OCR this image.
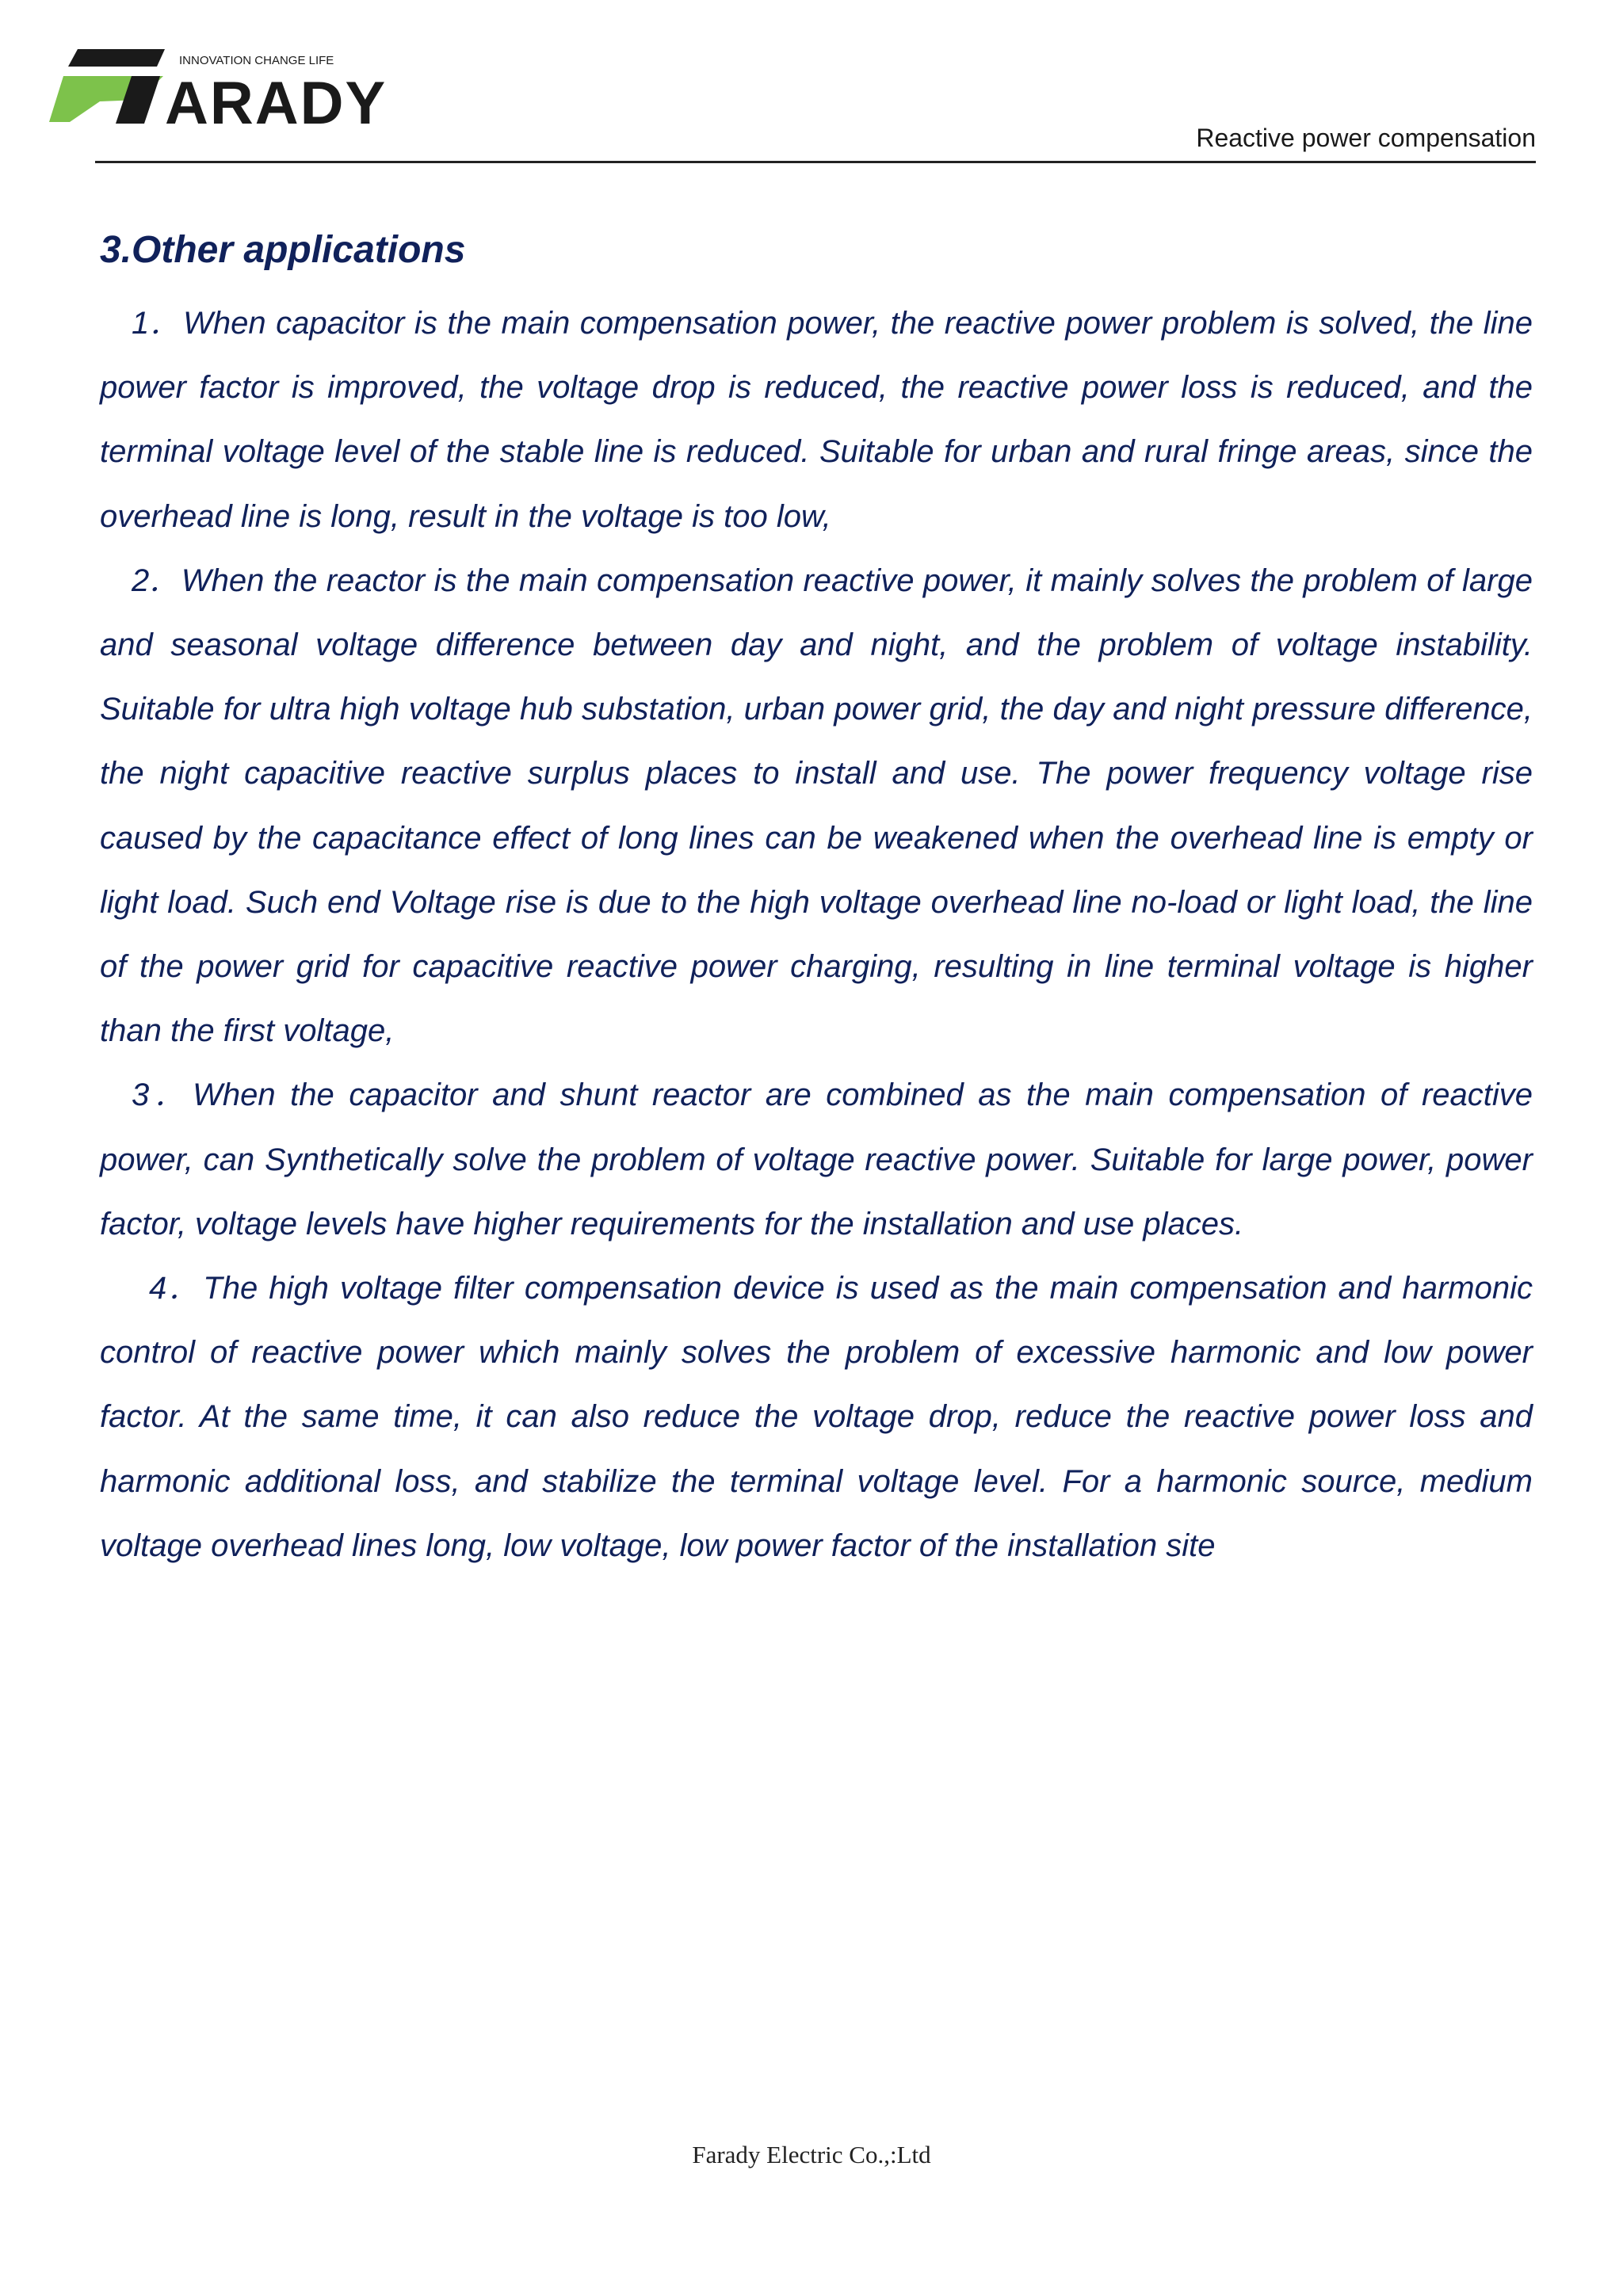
INNOVATION CHANGE LIFE
ARADY
Reactive power compensation
3.Other applications

1．When capacitor is the main compensation power, the reactive power problem is solved, the line power factor is improved, the voltage drop is reduced, the reactive power loss is reduced, and the terminal voltage level of the stable line is reduced. Suitable for urban and rural fringe areas, since the overhead line is long, result in the voltage is too low,

2．When the reactor is the main compensation reactive power, it mainly solves the problem of large and seasonal voltage difference between day and night, and the problem of voltage instability. Suitable for ultra high voltage hub substation, urban power grid, the day and night pressure difference, the night capacitive reactive surplus places to install and use. The power frequency voltage rise caused by the capacitance effect of long lines can be weakened when the overhead line is empty or light load. Such end Voltage rise is due to the high voltage overhead line no-load or light load, the line of the power grid for capacitive reactive power charging, resulting in line terminal voltage is higher than the first voltage,

3．When the capacitor and shunt reactor are combined as the main compensation of reactive power, can Synthetically solve the problem of voltage reactive power. Suitable for large power, power factor, voltage levels have higher requirements for the installation and use places.

4．The high voltage filter compensation device is used as the main compensation and harmonic control of reactive power which mainly solves the problem of excessive harmonic and low power factor. At the same time, it can also reduce the voltage drop, reduce the reactive power loss and harmonic additional loss, and stabilize the terminal voltage level. For a harmonic source, medium voltage overhead lines long, low voltage, low power factor of the installation site

Farady Electric Co.,:Ltd
